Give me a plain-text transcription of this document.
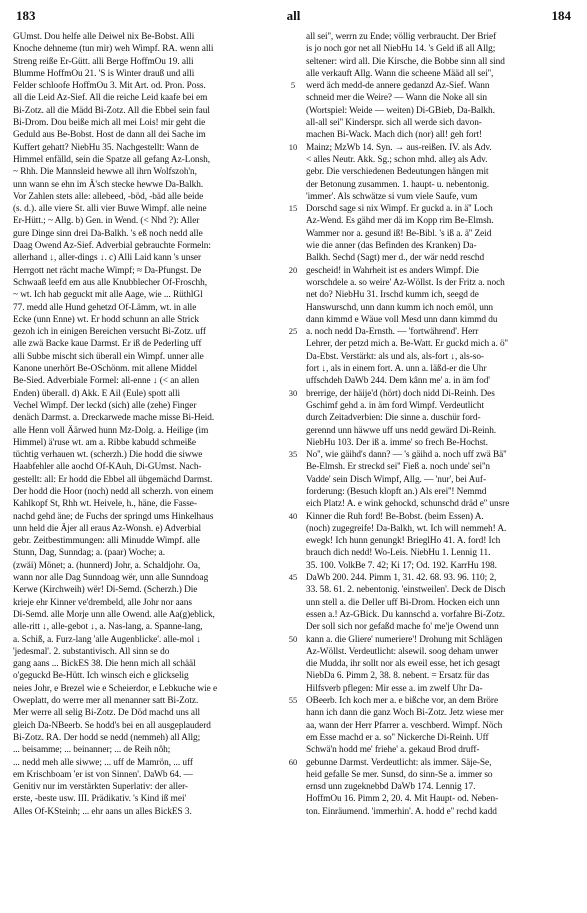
183	all	184
GUmst. Dou helfe alle Deiwel nix Be-Bobst. Alli
Knoche dehneme (tun mir) weh Wimpf. RA. wenn alli
Streng reiße Er-Gütt. alli Berge HoffmOu 19. alli
Blumme HoffmOu 21. 'S is Winter drauß und alli
Felder schloofe HoffmOu 3. Mit Art. od. Pron. Poss.
all die Leid Az-Sief. All die reiche Leid kaafe bei em
Bi-Zotz. all die Mädd Bi-Zotz. All die Ebbel sein faul
Bi-Drom. Dou beiße mich all mei Lois! mir geht die
Geduld aus Be-Bobst. Host de dann all dei Sache im
Kuffert gehatt? NiebHu 35. Nachgestellt: Wann de
Himmel enfälld, sein die Spatze all gefang Az-Lonsh,
~ Rhh. Die Mannsleid hewwe all ihrn Wolfszoh'n,
unn wann se ehn im Ä'sch stecke hewwe Da-Balkh.
Vor Zahlen stets alle: allebeed, -böd, -bäd alle beide
(s. d.). alle viere St. alli vier Buwe Wimpf. alle neine
Er-Hütt.; ~ Allg. b) Gen. in Wend. (< Nhd ?): Aller
gure Dinge sinn drei Da-Balkh. 's eß noch nedd alle
Daag Owend Az-Sief. Adverbial gebrauchte Formeln:
allerhand ↓, aller-dings ↓. c) Alli Laid kann 's unser
Herrgott net rächt mache Wimpf; ≈ Da-Pfungst. De
Schwaaß leefd em aus alle Knubblecher Of-Froschh,
~ wt. Ich hab geguckt mit alle Aage, wie ... RüthlGl
77. medd alle Hund gehetzd Of-Lämm, wt. in alle
Ecke (unn Enne) wt. Er hodd schunn an alle Strick
gezoh ich in einigen Bereichen versucht Bi-Zotz. uff
alle zwä Backe kaue Darmst. Er iß de Pederling uff
alli Subbe mischt sich überall ein Wimpf. unner alle
Kanone unerhört Be-OSchönm. mit allene Middel
Be-Sied. Adverbiale Formel: all-enne ↓ (< an allen
Enden) überall. d) Akk. E Ail (Eule) spott alli
Vechel Wimpf. Der leckd (sich) alle (zehe) Finger
denäch Darmst. a. Dreckarwede mache misse Bi-Heid.
alle Henn voll Äärwed hunn Mz-Dolg. a. Heilige (im
Himmel) ä'ruse wt. am a. Ribbe kabudd schmeiße
tüchtig verhauen wt. (scherzh.) Die hodd die siwwe
Haabfehler alle aochd Of-KAuh, Di-GUmst. Nach-
gestellt: all: Er hodd die Ebbel all übgemächd Darmst.
Der hodd die Hoor (noch) nedd all scherzh. von einem
Kahlkopf St, Rhh wt. Heivele, h., häne, die Fasse-
nachd gehd äne; de Fuchs der springd ums Hinkelhaus
unn held die Äjer all eraus Az-Wonsh. e) Adverbial
gebr. Zeitbestimmungen: alli Minudde Wimpf. alle
Stunn, Dag, Sunndag; a. (paar) Woche; a.
(zwäi) Mönet; a. (hunnerd) Johr, a. Schaldjohr. Oa,
wann nor alle Dag Sunndoag wër, unn alle Sunndoag
Kerwe (Kirchweih) wër! Di-Semd. (Scherzh.) Die
krieje ehr Kinner ve'drembeld, alle Johr nor aans
Di-Semd. alle Morje unn alle Owend. alle Aa(g)eblick,
alle-ritt ↓, alle-gebot ↓, a. Nas-lang, a. Spanne-lang,
a. Schiß, a. Furz-lang 'alle Augenblicke'. alle-mol ↓
'jedesmal'. 2. substantivisch. All sinn se do
gang aans ... BickES 38. Die henn mich all schääl
o'geguckd Be-Hütt. Ich winsch eich e glickselig
neies Johr, e Brezel wie e Scheierdor, e Lebkuche wie e
Oweplatt, do werre mer all menanner satt Bi-Zotz.
Mer werre all selig Bi-Zotz. De Död machd uns all
gleich Da-NBeerb. Se hodd's bei en all ausgeplauderd
Bi-Zotz. RA. Der hodd se nedd (nemmeh) all Allg;
... beisamme; ... beinanner; ... de Reih nôh;
... nedd meh alle siwwe; ... uff de Mamrön, ... uff
em Krischboam 'er ist von Sinnen'. DaWb 64. —
Genitiv nur im verstärkten Superlativ: der aller-
erste, -beste usw. III. Prädikativ. 's Kind iß mei'
Alles Of-KSteinh; ... ehr aans un alles BickES 3.
5
10
15
20
25
30
35
40
45
50
55
60
all sei'', werrn zu Ende; völlig verbraucht. Der Brief
is jo noch gor net all NiebHu 14. 's Geld iß all Allg;
seltener: wird all. Die Kirsche, die Bobbe sinn all sind
alle verkauft Allg. Wann die scheene Määd all sei'',
werd äch medd-de annere gedanzd Az-Sief. Wann
schneid mer die Weire? — Wann die Noke all sin
(Wortspiel: Weide — weiten) Di-GBieb, Da-Balkh.
all-all sei'' Kinderspr. sich all werde sich davon-
machen Bi-Wack. Mach dich (nor) all! geh fort!
Mainz; MzWb 14. Syn. → aus-reißen. IV. als Adv.
< alles Neutr. Akk. Sg.; schon mhd. alleȝ als Adv.
gebr. Die verschiedenen Bedeutungen hängen mit
der Betonung zusammen. 1. haupt- u. nebentonig.
'immer'. Als schwätze si vum viele Saufe, vum
Dorschd sage si nix Wimpf. Er guckd a. in ä'' Loch
Az-Wend. Es gähd mer dä im Kopp rim Be-Elmsh.
Wammer nor a. gesund iß! Be-Bibl. 's iß a. ä'' Zeid
wie die anner (das Befinden des Kranken) Da-
Balkh. Sechd (Sagt) mer d., der wär nedd reschd
gescheid! in Wahrheit ist es anders Wimpf. Die
worschdele a. so weire' Az-Wöllst. Is der Fritz a. noch
net do? NiebHu 31. Irschd kumm ich, seegd de
Hanswurschd, unn dann kumm ich noch emöl, unn
dann kimmd e Wäue voll Mesd unn dann kimmd du
a. noch nedd Da-Ernsth. — 'fortwährend'. Herr
Lehrer, der petzd mich a. Be-Watt. Er guckd mich a. ö''
Da-Ebst. Verstärkt: als und als, als-fort ↓, als-so-
fort ↓, als in einem fort. A. unn a. läßd-er die Uhr
uffschdeh DaWb 244. Dem kânn me' a. in äm fod'
brerrige, der häije'd (hört) doch nidd Di-Reinh. Des
Gschimf gehd a. in äm ford Wimpf. Verdeutlicht
durch Zeitadverbien: Die sinne a. duschür ford-
gerennd unn häwwe uff uns nedd gewärd Di-Reinh.
NiebHu 103. Der iß a. imme' so frech Be-Hochst.
No'', wie gäihd's dann? — 's gäihd a. noch uff zwä Bä''
Be-Elmsh. Er streckd sei'' Fieß a. noch unde' sei''n
Vadde' sein Disch Wimpf, Allg. — 'nur', bei Auf-
forderung: (Besuch klopft an.) Als erei''! Nemmd
eich Platz! A. e wink gehockd, schunschd dräd e'' unsre
Kinner die Ruh ford! Be-Bobst. (beim Essen) A.
(noch) zugegreife! Da-Balkh, wt. Ich will nemmeh! A.
ewegk! Ich hunn genungk! BrieglHo 41. A. ford! Ich
brauch dich nedd! Wo-Leis. NiebHu 1. Lennig 11.
35. 100. VolkBe 7. 42; Ki 17; Od. 192. KarrHu 198.
DaWb 200. 244. Pimm 1, 31. 42. 68. 93. 96. 110; 2,
33. 58. 61. 2. nebentonig. 'einstweilen'. Deck de Disch
unn stell a. die Deller uff Bi-Drom. Hocken eich unn
essen a.! Az-GBick. Du kannschd a. vorfahre Bi-Zotz.
Der soll sich nor gefaßd mache fo' me'je Owend unn
kann a. die Gliere' numeriere'! Drohung mit Schlägen
Az-Wöllst. Verdeutlicht: alsewil. soog deham unwer
die Mudda, ihr sollt nor als eweil esse, het ich gesagt
NiebDa 6. Pimm 2, 38. 8. nebent. = Ersatz für das
Hilfsverb pflegen: Mir esse a. im zwelf Uhr Da-
OBeerb. Ich koch mer a. e bißche vor, an dem Bröre
hann ich dann die ganz Woch Bi-Zotz. Jetz wiese mer
aa, wann der Herr Pfarrer a. veschberd. Wimpf. Nöch
em Esse machd er a. so'' Nickerche Di-Reinh. Uff
Schwä'n hodd me' friehe' a. gekaud Brod druff-
gebunne Darmst. Verdeutlicht: als immer. Säje-Se,
heid gefalle Se mer. Sunsd, do sinn-Se a. immer so
ernsd unn zugeknebbd DaWb 174. Lennig 17.
HoffmOu 16. Pimm 2, 20. 4. Mit Haupt- od. Neben-
ton. Einräumend. 'immerhin'. A. hodd e'' rechd kadd
